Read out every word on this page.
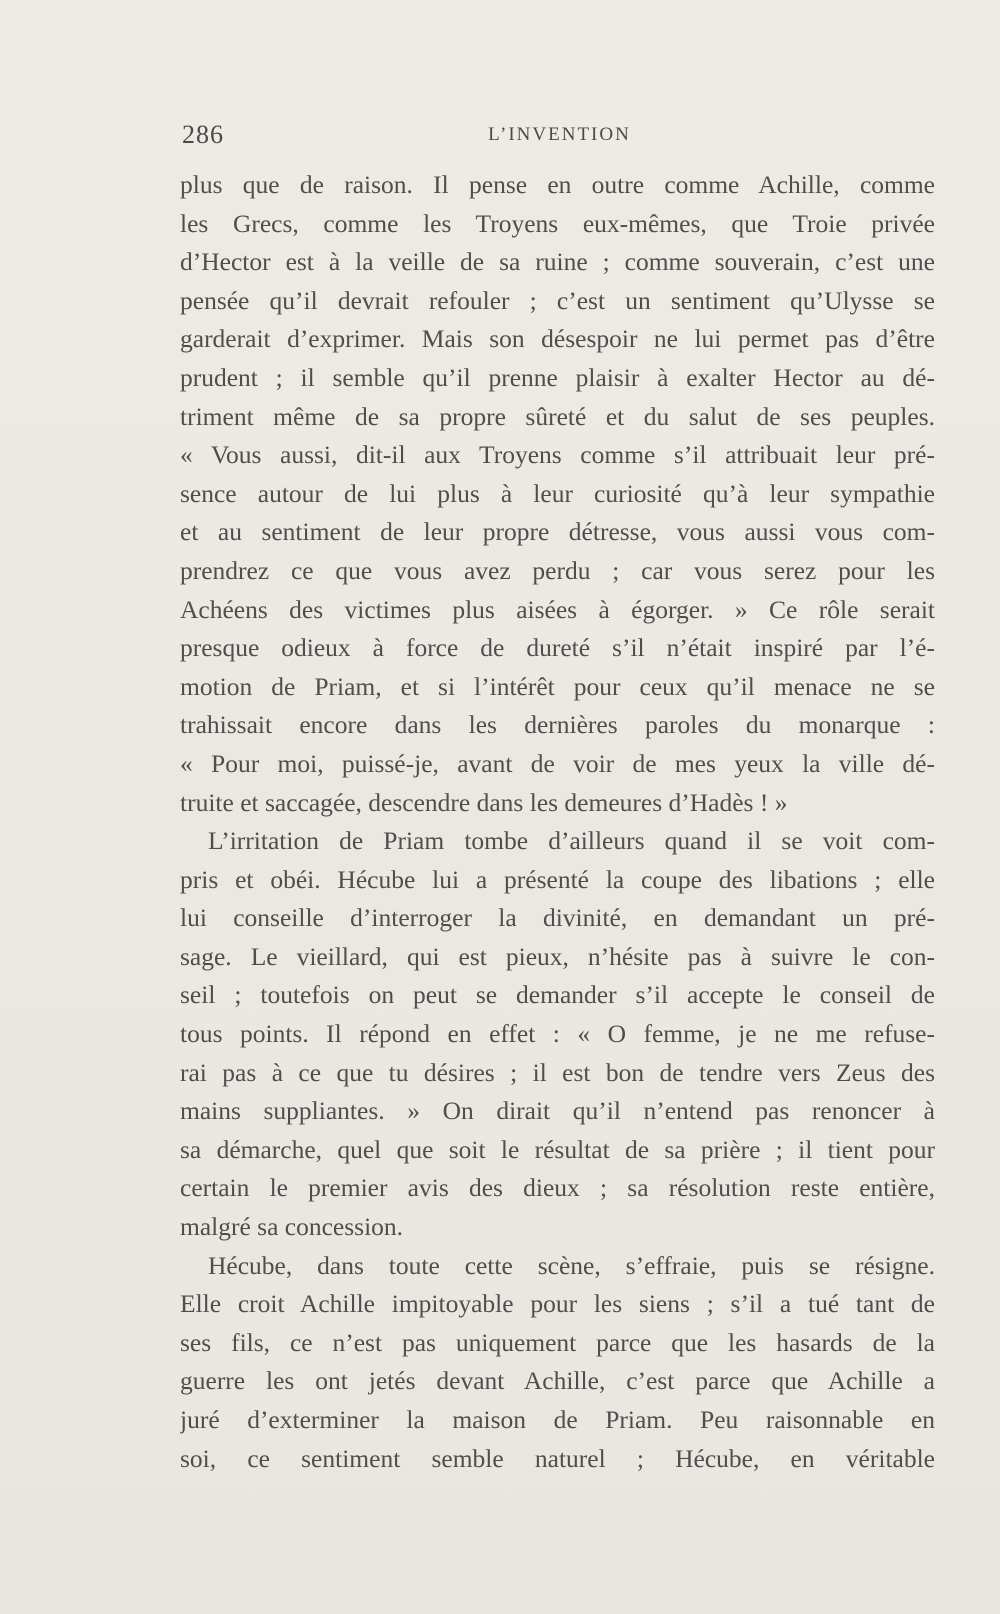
286	L’INVENTION
plus que de raison. Il pense en outre comme Achille, comme
les Grecs, comme les Troyens eux-mêmes, que Troie privée
d’Hector est à la veille de sa ruine ; comme souverain, c’est une
pensée qu’il devrait refouler ; c’est un sentiment qu’Ulysse se
garderait d’exprimer. Mais son désespoir ne lui permet pas d’être
prudent ; il semble qu’il prenne plaisir à exalter Hector au dé-
triment même de sa propre sûreté et du salut de ses peuples.
« Vous aussi, dit-il aux Troyens comme s’il attribuait leur pré-
sence autour de lui plus à leur curiosité qu’à leur sympathie
et au sentiment de leur propre détresse, vous aussi vous com-
prendrez ce que vous avez perdu ; car vous serez pour les
Achéens des victimes plus aisées à égorger. » Ce rôle serait
presque odieux à force de dureté s’il n’était inspiré par l’é-
motion de Priam, et si l’intérêt pour ceux qu’il menace ne se
trahissait encore dans les dernières paroles du monarque :
« Pour moi, puissé-je, avant de voir de mes yeux la ville dé-
truite et saccagée, descendre dans les demeures d’Hadès ! »
L’irritation de Priam tombe d’ailleurs quand il se voit com-
pris et obéi. Hécube lui a présenté la coupe des libations ; elle
lui conseille d’interroger la divinité, en demandant un pré-
sage. Le vieillard, qui est pieux, n’hésite pas à suivre le con-
seil ; toutefois on peut se demander s’il accepte le conseil de
tous points. Il répond en effet : « O femme, je ne me refuse-
rai pas à ce que tu désires ; il est bon de tendre vers Zeus des
mains suppliantes. » On dirait qu’il n’entend pas renoncer à
sa démarche, quel que soit le résultat de sa prière ; il tient pour
certain le premier avis des dieux ; sa résolution reste entière,
malgré sa concession.
Hécube, dans toute cette scène, s’effraie, puis se résigne.
Elle croit Achille impitoyable pour les siens ; s’il a tué tant de
ses fils, ce n’est pas uniquement parce que les hasards de la
guerre les ont jetés devant Achille, c’est parce que Achille a
juré d’exterminer la maison de Priam. Peu raisonnable en
soi, ce sentiment semble naturel ; Hécube, en véritable
